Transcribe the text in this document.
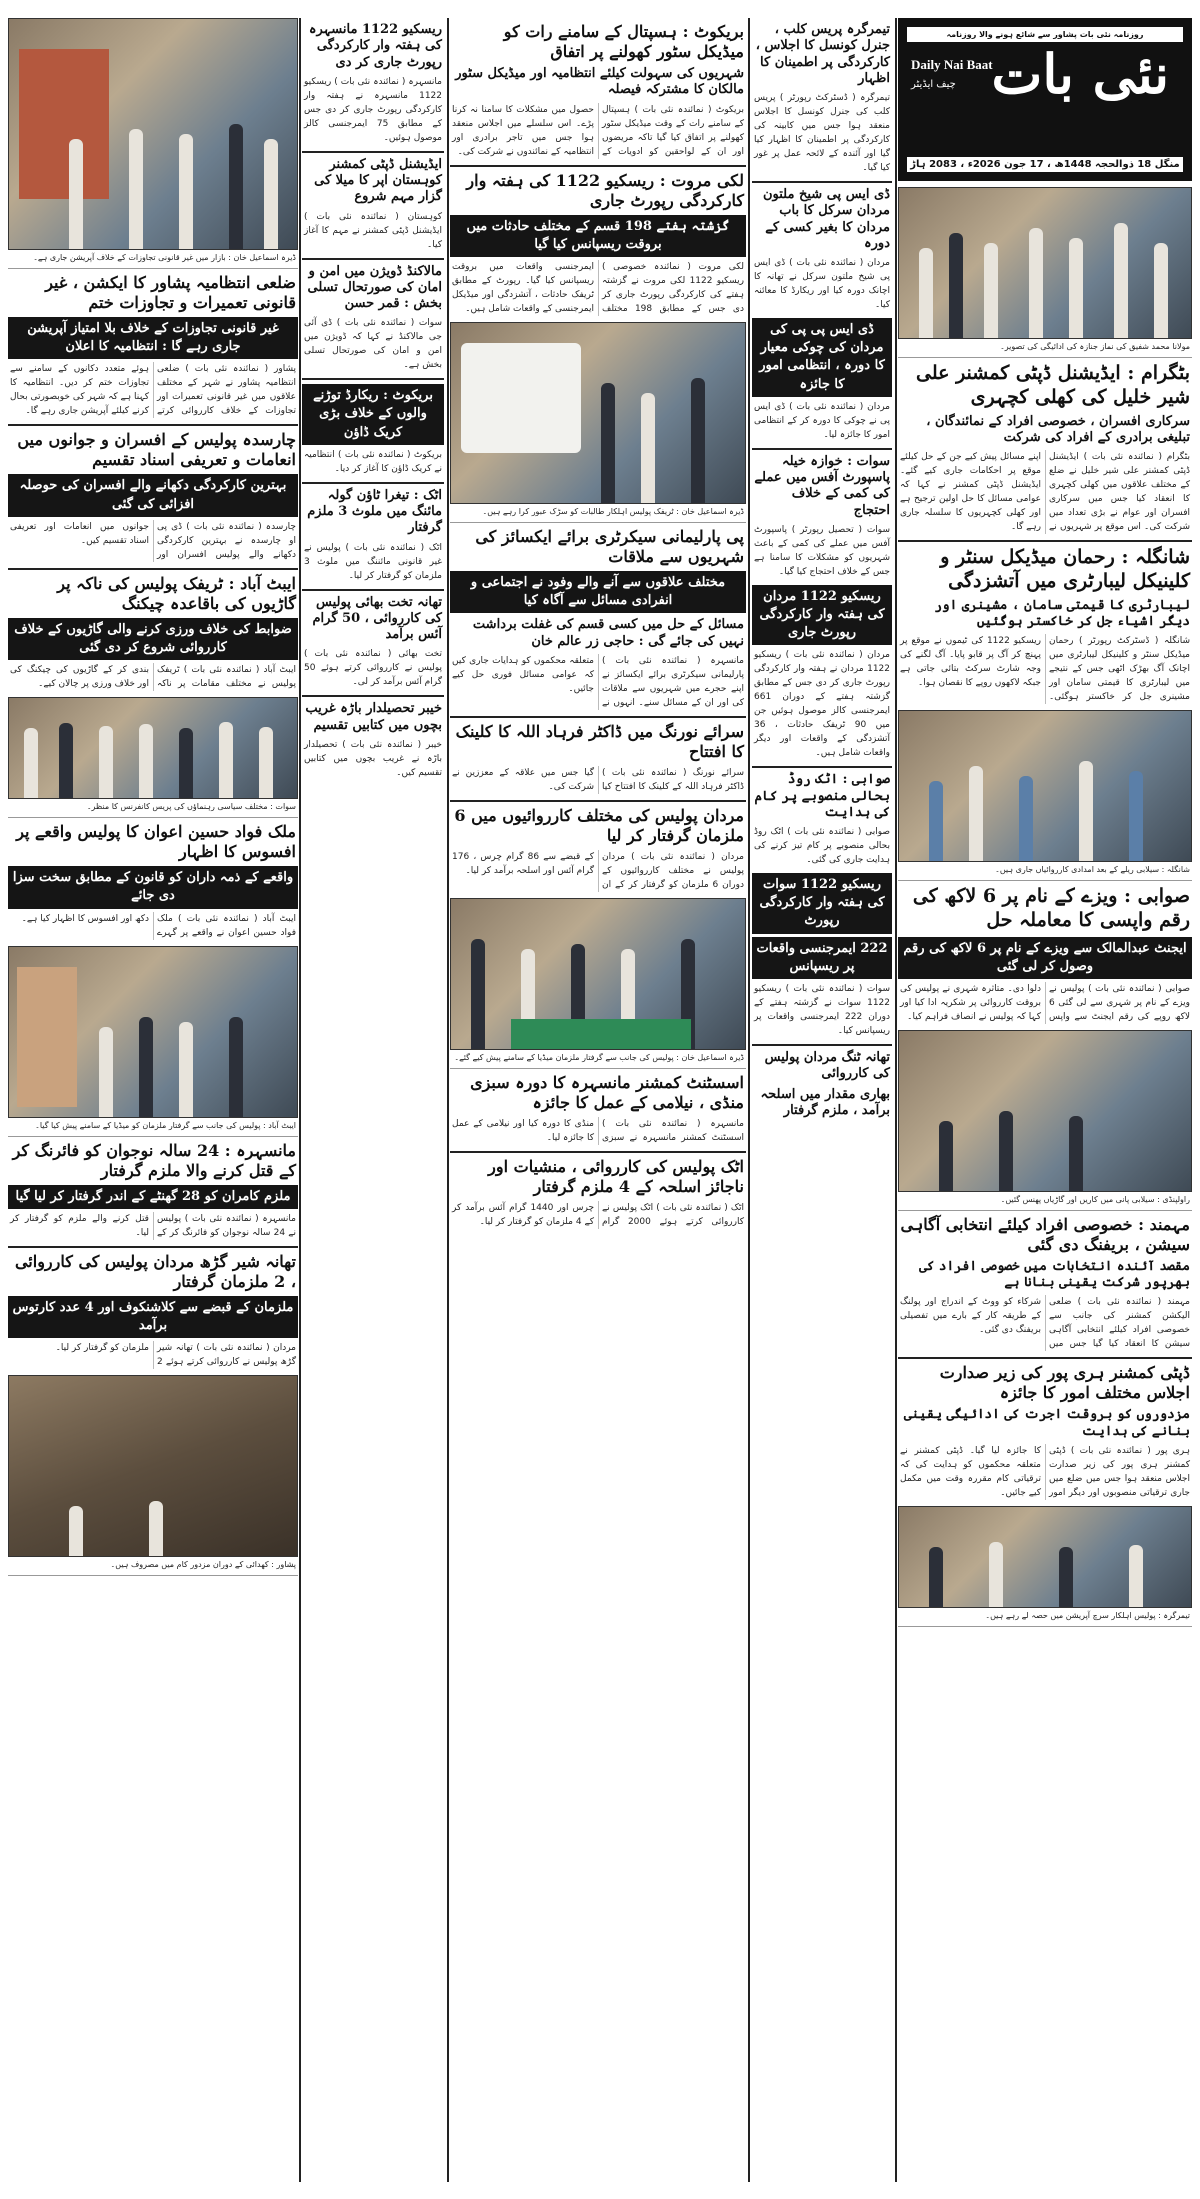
روزنامہ نئی بات پشاور سے شائع ہونے والا روزنامہ
Daily Nai Baat
نئی بات
چیف ایڈیٹر
منگل 18 ذوالحجہ 1448ھ ، 17 جون 2026ء ، 2083 ہاڑ
مولانا محمد شفیق کی نماز جنازہ کی ادائیگی کی تصویر۔
بٹگرام : ایڈیشنل ڈپٹی کمشنر علی شیر خلیل کی کھلی کچہری
سرکاری افسران ، خصوصی افراد کے نمائندگان ، تبلیغی برادری کے افراد کی شرکت
بٹگرام ( نمائندہ نئی بات ) ایڈیشنل ڈپٹی کمشنر علی شیر خلیل نے ضلع کے مختلف علاقوں میں کھلی کچہری کا انعقاد کیا جس میں سرکاری افسران اور عوام نے بڑی تعداد میں شرکت کی۔ اس موقع پر شہریوں نے اپنے مسائل پیش کیے جن کے حل کیلئے موقع پر احکامات جاری کیے گئے۔ ایڈیشنل ڈپٹی کمشنر نے کہا کہ عوامی مسائل کا حل اولین ترجیح ہے اور کھلی کچہریوں کا سلسلہ جاری رہے گا۔
شانگلہ : رحمان میڈیکل سنٹر و کلینیکل لیبارٹری میں آتشزدگی
لیبارٹری کا قیمتی سامان ، مشینری اور دیگر اشیاء جل کر خاکستر ہوگئیں
شانگلہ ( ڈسٹرکٹ رپورٹر ) رحمان میڈیکل سنٹر و کلینیکل لیبارٹری میں اچانک آگ بھڑک اٹھی جس کے نتیجے میں لیبارٹری کا قیمتی سامان اور مشینری جل کر خاکستر ہوگئی۔ ریسکیو 1122 کی ٹیموں نے موقع پر پہنچ کر آگ پر قابو پایا۔ آگ لگنے کی وجہ شارٹ سرکٹ بتائی جاتی ہے جبکہ لاکھوں روپے کا نقصان ہوا۔
شانگلہ : سیلابی ریلے کے بعد امدادی کارروائیاں جاری ہیں۔
صوابی : ویزے کے نام پر 6 لاکھ کی رقم واپسی کا معاملہ حل
ایجنٹ عبدالمالک سے ویزے کے نام پر 6 لاکھ کی رقم وصول کر لی گئی
صوابی ( نمائندہ نئی بات ) پولیس نے ویزے کے نام پر شہری سے لی گئی 6 لاکھ روپے کی رقم ایجنٹ سے واپس دلوا دی۔ متاثرہ شہری نے پولیس کی بروقت کارروائی پر شکریہ ادا کیا اور کہا کہ پولیس نے انصاف فراہم کیا۔
راولپنڈی : سیلابی پانی میں کاریں اور گاڑیاں پھنس گئیں۔
مہمند : خصوصی افراد کیلئے انتخابی آگاہی سیشن ، بریفنگ دی گئی
مقصد آئندہ انتخابات میں خصوصی افراد کی بھرپور شرکت یقینی بنانا ہے
مہمند ( نمائندہ نئی بات ) ضلعی الیکشن کمشنر کی جانب سے خصوصی افراد کیلئے انتخابی آگاہی سیشن کا انعقاد کیا گیا جس میں شرکاء کو ووٹ کے اندراج اور پولنگ کے طریقہ کار کے بارے میں تفصیلی بریفنگ دی گئی۔
ڈپٹی کمشنر ہری پور کی زیر صدارت اجلاس مختلف امور کا جائزہ
مزدوروں کو بروقت اجرت کی ادائیگی یقینی بنانے کی ہدایت
ہری پور ( نمائندہ نئی بات ) ڈپٹی کمشنر ہری پور کی زیر صدارت اجلاس منعقد ہوا جس میں ضلع میں جاری ترقیاتی منصوبوں اور دیگر امور کا جائزہ لیا گیا۔ ڈپٹی کمشنر نے متعلقہ محکموں کو ہدایت کی کہ ترقیاتی کام مقررہ وقت میں مکمل کیے جائیں۔
تیمرگرہ : پولیس اہلکار سرچ آپریشن میں حصہ لے رہے ہیں۔
تیمرگرہ پریس کلب ، جنرل کونسل کا اجلاس ، کارکردگی پر اطمینان کا اظہار
تیمرگرہ ( ڈسٹرکٹ رپورٹر ) پریس کلب کی جنرل کونسل کا اجلاس منعقد ہوا جس میں کابینہ کی کارکردگی پر اطمینان کا اظہار کیا گیا اور آئندہ کے لائحہ عمل پر غور کیا گیا۔
ڈی ایس پی شیخ ملتون مردان سرکل کا باب مردان کا بغیر کسی کے دورہ
مردان ( نمائندہ نئی بات ) ڈی ایس پی شیخ ملتون سرکل نے تھانہ کا اچانک دورہ کیا اور ریکارڈ کا معائنہ کیا۔
ڈی ایس پی پی کی مردان کی چوکی معیار کا دورہ ، انتظامی امور کا جائزہ
مردان ( نمائندہ نئی بات ) ڈی ایس پی نے چوکی کا دورہ کر کے انتظامی امور کا جائزہ لیا۔
سوات : خوازہ خیلہ پاسپورٹ آفس میں عملے کی کمی کے خلاف احتجاج
سوات ( تحصیل رپورٹر ) پاسپورٹ آفس میں عملے کی کمی کے باعث شہریوں کو مشکلات کا سامنا ہے جس کے خلاف احتجاج کیا گیا۔
ریسکیو 1122 مردان کی ہفتہ وار کارکردگی رپورٹ جاری
مردان ( نمائندہ نئی بات ) ریسکیو 1122 مردان نے ہفتہ وار کارکردگی رپورٹ جاری کر دی جس کے مطابق گزشتہ ہفتے کے دوران 661 ایمرجنسی کالز موصول ہوئیں جن میں 90 ٹریفک حادثات ، 36 آتشزدگی کے واقعات اور دیگر واقعات شامل ہیں۔
صوابی : اٹک روڈ بحالی منصوبے پر کام کی ہدایت
صوابی ( نمائندہ نئی بات ) اٹک روڈ بحالی منصوبے پر کام تیز کرنے کی ہدایت جاری کی گئی۔
ریسکیو 1122 سوات کی ہفتہ وار کارکردگی رپورٹ
222 ایمرجنسی واقعات پر ریسپانس
سوات ( نمائندہ نئی بات ) ریسکیو 1122 سوات نے گزشتہ ہفتے کے دوران 222 ایمرجنسی واقعات پر ریسپانس کیا۔
تھانہ ٹنگ مردان پولیس کی کارروائی
بھاری مقدار میں اسلحہ برآمد ، ملزم گرفتار
بریکوٹ : ہسپتال کے سامنے رات کو میڈیکل سٹور کھولنے پر اتفاق
شہریوں کی سہولت کیلئے انتظامیہ اور میڈیکل سٹور مالکان کا مشترکہ فیصلہ
بریکوٹ ( نمائندہ نئی بات ) ہسپتال کے سامنے رات کے وقت میڈیکل سٹور کھولنے پر اتفاق کیا گیا تاکہ مریضوں اور ان کے لواحقین کو ادویات کے حصول میں مشکلات کا سامنا نہ کرنا پڑے۔ اس سلسلے میں اجلاس منعقد ہوا جس میں تاجر برادری اور انتظامیہ کے نمائندوں نے شرکت کی۔
لکی مروت : ریسکیو 1122 کی ہفتہ وار کارکردگی رپورٹ جاری
گزشتہ ہفتے 198 قسم کے مختلف حادثات میں بروقت ریسپانس کیا گیا
لکی مروت ( نمائندہ خصوصی ) ریسکیو 1122 لکی مروت نے گزشتہ ہفتے کی کارکردگی رپورٹ جاری کر دی جس کے مطابق 198 مختلف ایمرجنسی واقعات میں بروقت ریسپانس کیا گیا۔ رپورٹ کے مطابق ٹریفک حادثات ، آتشزدگی اور میڈیکل ایمرجنسی کے واقعات شامل ہیں۔
ڈیرہ اسماعیل خان : ٹریفک پولیس اہلکار طالبات کو سڑک عبور کرا رہے ہیں۔
پی پارلیمانی سیکرٹری برائے ایکسائز کی شہریوں سے ملاقات
مختلف علاقوں سے آنے والے وفود نے اجتماعی و انفرادی مسائل سے آگاہ کیا
مسائل کے حل میں کسی قسم کی غفلت برداشت نہیں کی جائے گی : حاجی زر عالم خان
مانسہرہ ( نمائندہ نئی بات ) پارلیمانی سیکرٹری برائے ایکسائز نے اپنے حجرے میں شہریوں سے ملاقات کی اور ان کے مسائل سنے۔ انہوں نے متعلقہ محکموں کو ہدایات جاری کیں کہ عوامی مسائل فوری حل کیے جائیں۔
سرائے نورنگ میں ڈاکٹر فرہاد اللہ کا کلینک کا افتتاح
سرائے نورنگ ( نمائندہ نئی بات ) ڈاکٹر فرہاد اللہ کے کلینک کا افتتاح کیا گیا جس میں علاقہ کے معززین نے شرکت کی۔
مردان پولیس کی مختلف کارروائیوں میں 6 ملزمان گرفتار کر لیا
مردان ( نمائندہ نئی بات ) مردان پولیس نے مختلف کارروائیوں کے دوران 6 ملزمان کو گرفتار کر کے ان کے قبضے سے 86 گرام چرس ، 176 گرام آئس اور اسلحہ برآمد کر لیا۔
ڈیرہ اسماعیل خان : پولیس کی جانب سے گرفتار ملزمان میڈیا کے سامنے پیش کیے گئے۔
اسسٹنٹ کمشنر مانسہرہ کا دورہ سبزی منڈی ، نیلامی کے عمل کا جائزہ
مانسہرہ ( نمائندہ نئی بات ) اسسٹنٹ کمشنر مانسہرہ نے سبزی منڈی کا دورہ کیا اور نیلامی کے عمل کا جائزہ لیا۔
اٹک پولیس کی کارروائی ، منشیات اور ناجائز اسلحہ کے 4 ملزم گرفتار
اٹک ( نمائندہ نئی بات ) اٹک پولیس نے کارروائی کرتے ہوئے 2000 گرام چرس اور 1440 گرام آئس برآمد کر کے 4 ملزمان کو گرفتار کر لیا۔
ریسکیو 1122 مانسہرہ کی ہفتہ وار کارکردگی رپورٹ جاری کر دی
مانسہرہ ( نمائندہ نئی بات ) ریسکیو 1122 مانسہرہ نے ہفتہ وار کارکردگی رپورٹ جاری کر دی جس کے مطابق 75 ایمرجنسی کالز موصول ہوئیں۔
ایڈیشنل ڈپٹی کمشنر کوہستان اپر کا میلا کی گزار مہم شروع
کوہستان ( نمائندہ نئی بات ) ایڈیشنل ڈپٹی کمشنر نے مہم کا آغاز کیا۔
مالاکنڈ ڈویژن میں امن و امان کی صورتحال تسلی بخش : قمر حسن
سوات ( نمائندہ نئی بات ) ڈی آئی جی مالاکنڈ نے کہا کہ ڈویژن میں امن و امان کی صورتحال تسلی بخش ہے۔
بریکوٹ : ریکارڈ توڑنے والوں کے خلاف بڑی کریک ڈاؤن
بریکوٹ ( نمائندہ نئی بات ) انتظامیہ نے کریک ڈاؤن کا آغاز کر دیا۔
اٹک : تیغرا ٹاؤن گولہ مائنگ میں ملوث 3 ملزم گرفتار
اٹک ( نمائندہ نئی بات ) پولیس نے غیر قانونی مائننگ میں ملوث 3 ملزمان کو گرفتار کر لیا۔
تھانہ تخت بھائی پولیس کی کارروائی ، 50 گرام آئس برآمد
تخت بھائی ( نمائندہ نئی بات ) پولیس نے کارروائی کرتے ہوئے 50 گرام آئس برآمد کر لی۔
خیبر تحصیلدار باڑہ غریب بچوں میں کتابیں تقسیم
خیبر ( نمائندہ نئی بات ) تحصیلدار باڑہ نے غریب بچوں میں کتابیں تقسیم کیں۔
ڈیرہ اسماعیل خان : بازار میں غیر قانونی تجاوزات کے خلاف آپریشن جاری ہے۔
ضلعی انتظامیہ پشاور کا ایکشن ، غیر قانونی تعمیرات و تجاوزات ختم
غیر قانونی تجاوزات کے خلاف بلا امتیاز آپریشن جاری رہے گا : انتظامیہ کا اعلان
پشاور ( نمائندہ نئی بات ) ضلعی انتظامیہ پشاور نے شہر کے مختلف علاقوں میں غیر قانونی تعمیرات اور تجاوزات کے خلاف کارروائی کرتے ہوئے متعدد دکانوں کے سامنے سے تجاوزات ختم کر دیں۔ انتظامیہ کا کہنا ہے کہ شہر کی خوبصورتی بحال کرنے کیلئے آپریشن جاری رہے گا۔
چارسدہ پولیس کے افسران و جوانوں میں انعامات و تعریفی اسناد تقسیم
بہترین کارکردگی دکھانے والے افسران کی حوصلہ افزائی کی گئی
چارسدہ ( نمائندہ نئی بات ) ڈی پی او چارسدہ نے بہترین کارکردگی دکھانے والے پولیس افسران اور جوانوں میں انعامات اور تعریفی اسناد تقسیم کیں۔
ایبٹ آباد : ٹریفک پولیس کی ناکہ پر گاڑیوں کی باقاعدہ چیکنگ
ضوابط کی خلاف ورزی کرنے والی گاڑیوں کے خلاف کارروائی شروع کر دی گئی
ایبٹ آباد ( نمائندہ نئی بات ) ٹریفک پولیس نے مختلف مقامات پر ناکہ بندی کر کے گاڑیوں کی چیکنگ کی اور خلاف ورزی پر چالان کیے۔
سوات : مختلف سیاسی رہنماؤں کی پریس کانفرنس کا منظر۔
ملک فواد حسین اعوان کا پولیس واقعے پر افسوس کا اظہار
واقعے کے ذمہ داران کو قانون کے مطابق سخت سزا دی جائے
ایبٹ آباد ( نمائندہ نئی بات ) ملک فواد حسین اعوان نے واقعے پر گہرے دکھ اور افسوس کا اظہار کیا ہے۔
ایبٹ آباد : پولیس کی جانب سے گرفتار ملزمان کو میڈیا کے سامنے پیش کیا گیا۔
مانسہرہ : 24 سالہ نوجوان کو فائرنگ کر کے قتل کرنے والا ملزم گرفتار
ملزم کامران کو 28 گھنٹے کے اندر گرفتار کر لیا گیا
مانسہرہ ( نمائندہ نئی بات ) پولیس نے 24 سالہ نوجوان کو فائرنگ کر کے قتل کرنے والے ملزم کو گرفتار کر لیا۔
تھانہ شیر گڑھ مردان پولیس کی کارروائی ، 2 ملزمان گرفتار
ملزمان کے قبضے سے کلاشنکوف اور 4 عدد کارتوس برآمد
مردان ( نمائندہ نئی بات ) تھانہ شیر گڑھ پولیس نے کارروائی کرتے ہوئے 2 ملزمان کو گرفتار کر لیا۔
پشاور : کھدائی کے دوران مزدور کام میں مصروف ہیں۔
